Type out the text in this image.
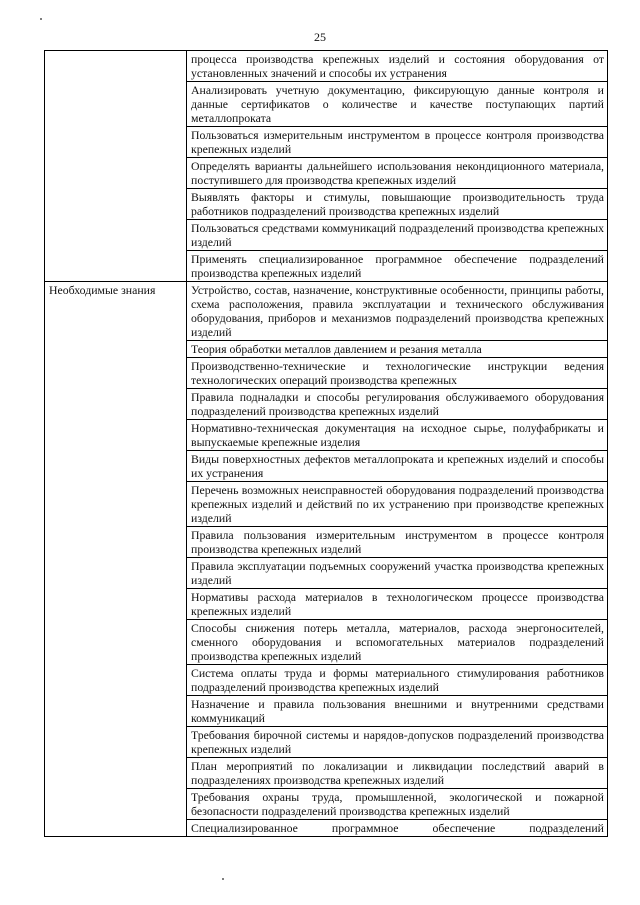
25
	процесса производства крепежных изделий и состояния оборудования от установленных значений и способы их устранения
	Анализировать учетную документацию, фиксирующую данные контроля и данные сертификатов о количестве и качестве поступающих партий металлопроката
	Пользоваться измерительным инструментом в процессе контроля производства крепежных изделий
	Определять варианты дальнейшего использования некондиционного материала, поступившего для производства крепежных изделий
	Выявлять факторы и стимулы, повышающие производительность труда работников подразделений производства крепежных изделий
	Пользоваться средствами коммуникаций подразделений производства крепежных изделий
	Применять специализированное программное обеспечение подразделений производства крепежных изделий
Необходимые знания	Устройство, состав, назначение, конструктивные особенности, принципы работы, схема расположения, правила эксплуатации и технического обслуживания оборудования, приборов и механизмов подразделений производства крепежных изделий
	Теория обработки металлов давлением и резания металла
	Производственно-технические и технологические инструкции ведения технологических операций производства крепежных
	Правила подналадки и способы регулирования обслуживаемого оборудования подразделений производства крепежных изделий
	Нормативно-техническая документация на исходное сырье, полуфабрикаты и выпускаемые крепежные изделия
	Виды поверхностных дефектов металлопроката и крепежных изделий и способы их устранения
	Перечень возможных неисправностей оборудования подразделений производства крепежных изделий и действий по их устранению при производстве крепежных изделий
	Правила пользования измерительным инструментом в процессе контроля производства крепежных изделий
	Правила эксплуатации подъемных сооружений участка производства крепежных изделий
	Нормативы расхода материалов в технологическом процессе производства крепежных изделий
	Способы снижения потерь металла, материалов, расхода энергоносителей, сменного оборудования и вспомогательных материалов подразделений производства крепежных изделий
	Система оплаты труда и формы материального стимулирования работников подразделений производства крепежных изделий
	Назначение и правила пользования внешними и внутренними средствами коммуникаций
	Требования бирочной системы и нарядов-допусков подразделений производства крепежных изделий
	План мероприятий по локализации и ликвидации последствий аварий в подразделениях производства крепежных изделий
	Требования охраны труда, промышленной, экологической и пожарной безопасности подразделений производства крепежных изделий
	Специализированное программное обеспечение подразделений
